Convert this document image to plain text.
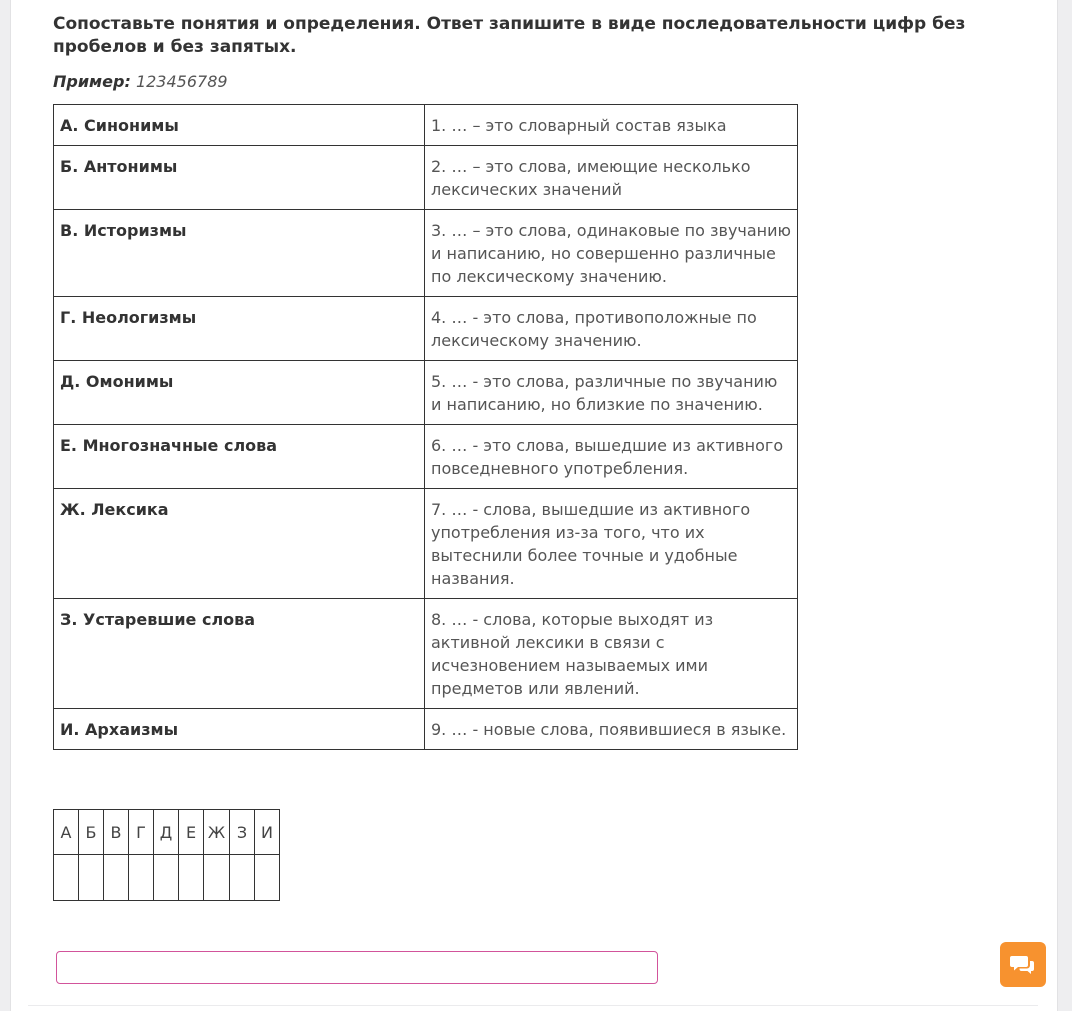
Сопоставьте понятия и определения. Ответ запишите в виде последовательности цифр без пробелов и без запятых.
Пример: 123456789
А. Синонимы	1. … – это словарный состав языка
Б. Антонимы	2. … – это слова, имеющие несколько лексических значений
В. Историзмы	3. … – это слова, одинаковые по звучанию и написанию, но совершенно различные по лексическому значению.
Г. Неологизмы	4. … - это слова, противоположные по лексическому значению.
Д. Омонимы	5. … - это слова, различные по звучанию и написанию, но близкие по значению.
Е. Многозначные слова	6. … - это слова, вышедшие из активного повседневного употребления.
Ж. Лексика	7. … - слова, вышедшие из активного употребления из-за того, что их вытеснили более точные и удобные названия.
З. Устаревшие слова	8. … - слова, которые выходят из активной лексики в связи с исчезновением называемых ими предметов или явлений.
И. Архаизмы	9. … - новые слова, появившиеся в языке.
А	Б	В	Г	Д	Е	Ж	З	И
